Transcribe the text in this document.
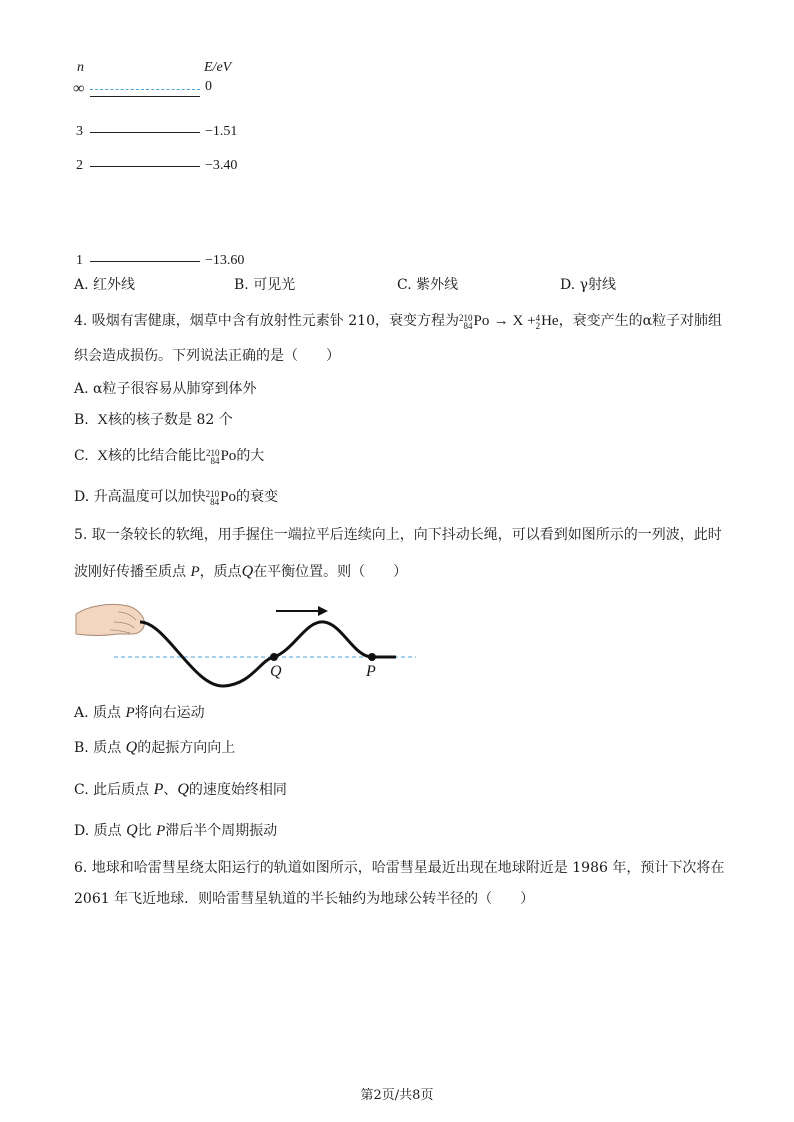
n	E/eV
∞	0
3	−1.51
2	−3.40
1	−13.60
A. 红外线	B. 可见光	C. 紫外线	D. γ射线
4. 吸烟有害健康，烟草中含有放射性元素钋 210，衰变方程为 210
84 Po → X + 4
2 He，衰变产生的α粒子对肺组
织会造成损伤。下列说法正确的是（　　）
A. α粒子很容易从肺穿到体外
B. X核的核子数是 82 个
C. X核的比结合能比 210
84 Po的大
D. 升高温度可以加快 210
84 Po的衰变
5. 取一条较长的软绳，用手握住一端拉平后连续向上，向下抖动长绳，可以看到如图所示的一列波，此时
波刚好传播至质点 P，质点Q在平衡位置。则（　　）
Q	P
A. 质点 P将向右运动
B. 质点 Q的起振方向向上
C. 此后质点 P、Q的速度始终相同
D. 质点 Q比 P滞后半个周期振动
6. 地球和哈雷彗星绕太阳运行的轨道如图所示，哈雷彗星最近出现在地球附近是 1986 年，预计下次将在
2061 年飞近地球．则哈雷彗星轨道的半长轴约为地球公转半径的（　　）
第2页/共8页
